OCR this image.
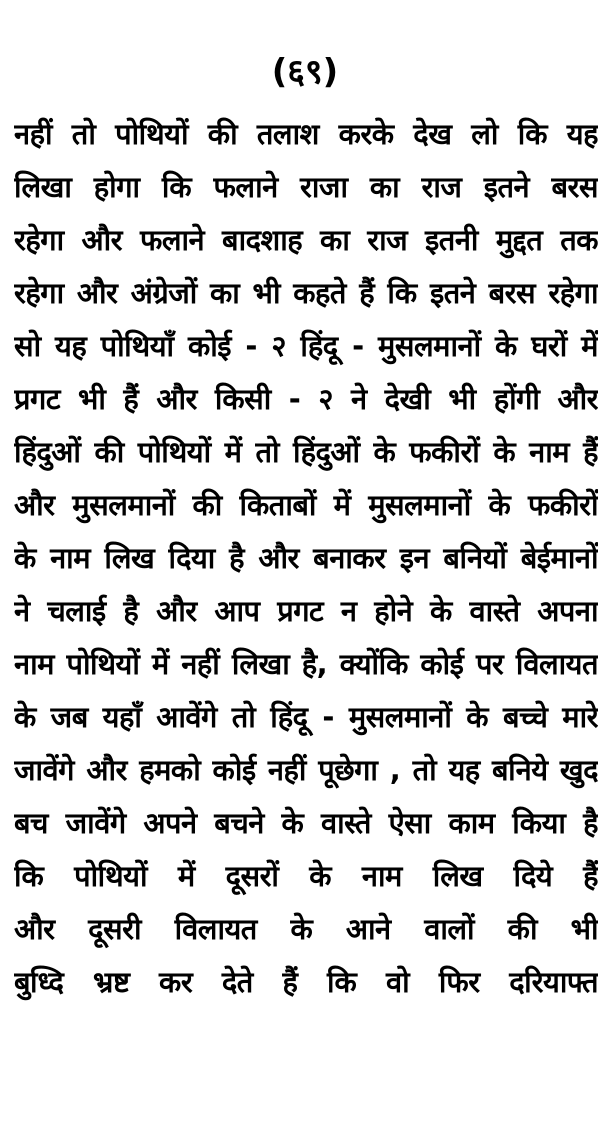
(६९)
नहीं तो पोथियों की तलाश करके देख लो कि यह
लिखा होगा कि फलाने राजा का राज इतने बरस
रहेगा और फलाने बादशाह का राज इतनी मुद्दत तक
रहेगा और अंग्रेजों का भी कहते हैं कि इतने बरस रहेगा
सो यह पोथियाँ कोई - २ हिंदू - मुसलमानों के घरों में
प्रगट भी हैं और किसी - २ ने देखी भी होंगी और
हिंदुओं की पोथियों में तो हिंदुओं के फकीरों के नाम हैं
और मुसलमानों की किताबों में मुसलमानों के फकीरों
के नाम लिख दिया है और बनाकर इन बनियों बेईमानों
ने चलाई है और आप प्रगट न होने के वास्ते अपना
नाम पोथियों में नहीं लिखा है, क्योंकि कोई पर विलायत
के जब यहाँ आवेंगे तो हिंदू - मुसलमानों के बच्चे मारे
जावेंगे और हमको कोई नहीं पूछेगा , तो यह बनिये खुद
बच जावेंगे अपने बचने के वास्ते ऐसा काम किया है
कि पोथियों में दूसरों के नाम लिख दिये हैं
और दूसरी विलायत के आने वालों की भी
बुध्दि भ्रष्ट कर देते हैं कि वो फिर दरियाफ्त
